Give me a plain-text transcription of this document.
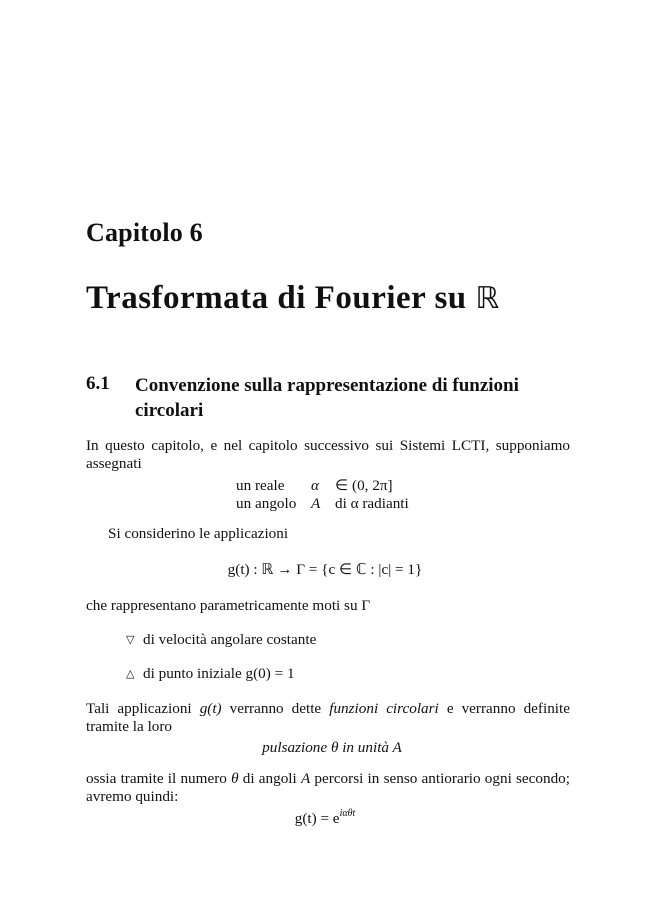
Capitolo 6
Trasformata di Fourier su ℝ
6.1 Convenzione sulla rappresentazione di funzioni circolari
In questo capitolo, e nel capitolo successivo sui Sistemi LCTI, supponiamo assegnati
un reale α ∈ (0, 2π]
un angolo A di α radianti
Si considerino le applicazioni
g(t) : ℝ → Γ = {c ∈ ℂ : |c| = 1}
che rappresentano parametricamente moti su Γ
▽ di velocità angolare costante
△ di punto iniziale g(0) = 1
Tali applicazioni g(t) verranno dette funzioni circolari e verranno definite tramite la loro
pulsazione θ in unità A
ossia tramite il numero θ di angoli A percorsi in senso antiorario ogni secondo; avremo quindi:
$g(t) = e^{i\alpha\theta t}$
